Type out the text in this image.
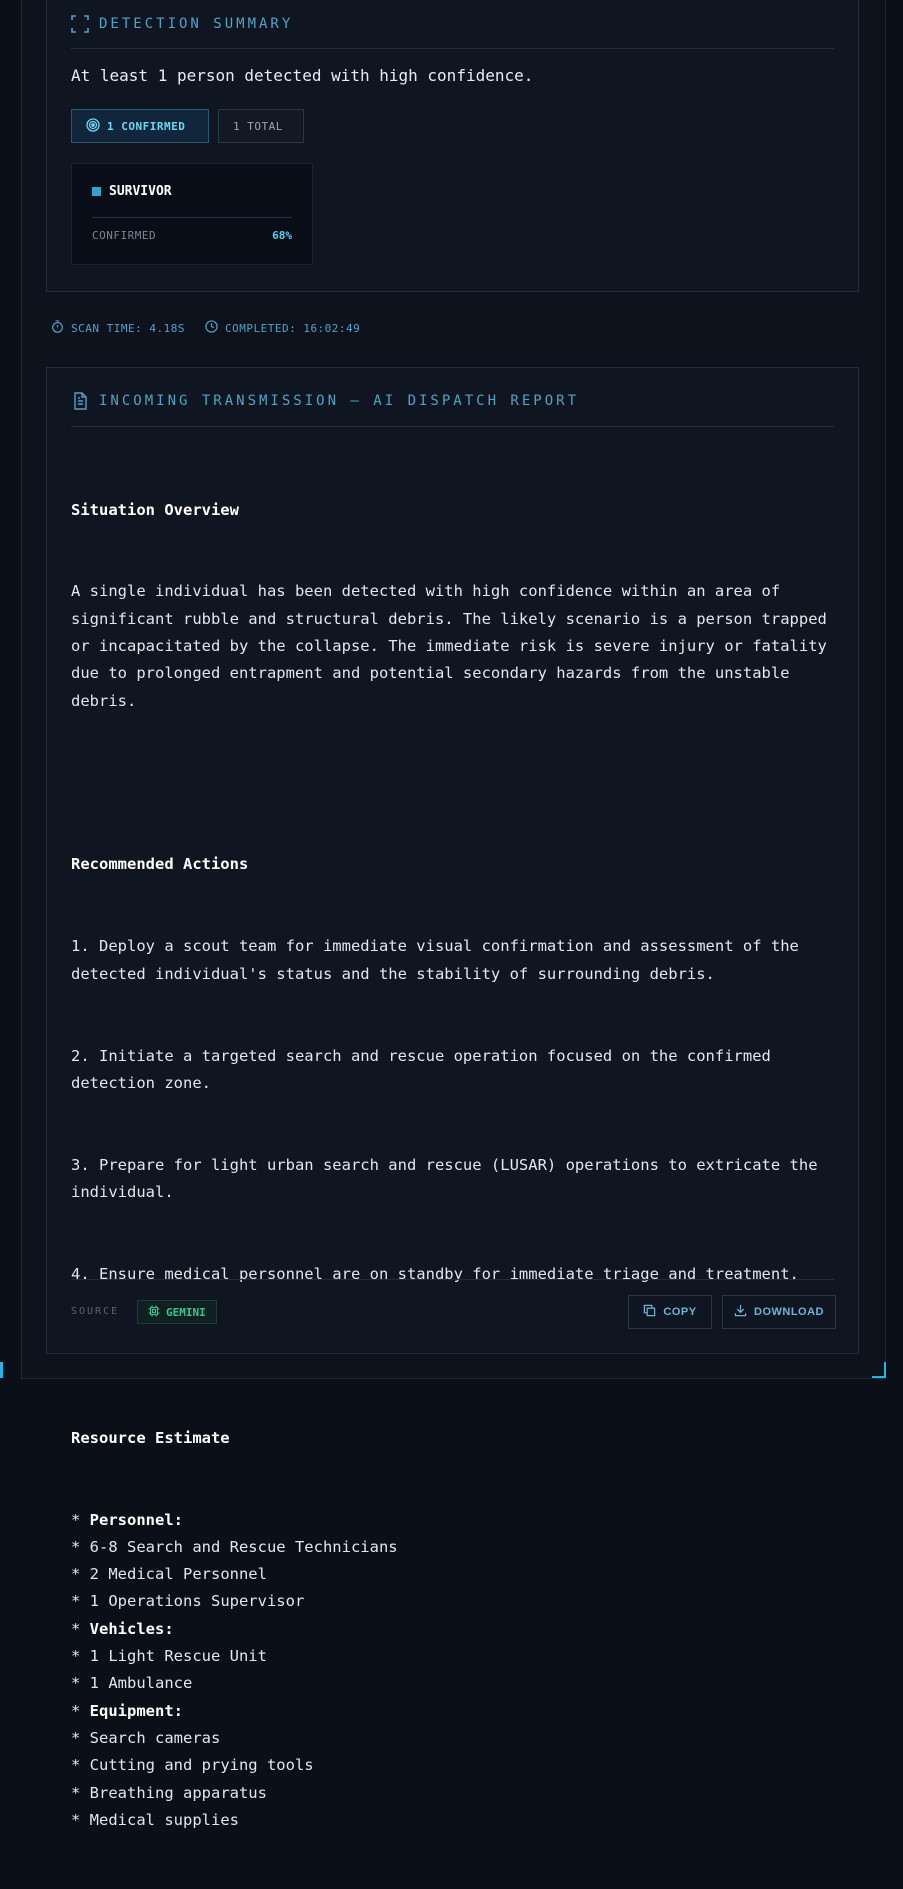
DETECTION SUMMARY
At least 1 person detected with high confidence.
1 CONFIRMED	1 TOTAL
SURVIVOR
CONFIRMED	68%
SCAN TIME: 4.18S	COMPLETED: 16:02:49
INCOMING TRANSMISSION — AI DISPATCH REPORT

Situation Overview

A single individual has been detected with high confidence within an area of significant rubble and structural debris. The likely scenario is a person trapped or incapacitated by the collapse. The immediate risk is severe injury or fatality due to prolonged entrapment and potential secondary hazards from the unstable debris.

Recommended Actions

1. Deploy a scout team for immediate visual confirmation and assessment of the detected individual's status and the stability of surrounding debris.

2. Initiate a targeted search and rescue operation focused on the confirmed detection zone.

3. Prepare for light urban search and rescue (LUSAR) operations to extricate the individual.

4. Ensure medical personnel are on standby for immediate triage and treatment.

Resource Estimate

* Personnel:
* 6-8 Search and Rescue Technicians
* 2 Medical Personnel
* 1 Operations Supervisor
* Vehicles:
* 1 Light Rescue Unit
* 1 Ambulance
* Equipment:
* Search cameras
* Cutting and prying tools
* Breathing apparatus
* Medical supplies

SOURCE	GEMINI	COPY	DOWNLOAD
